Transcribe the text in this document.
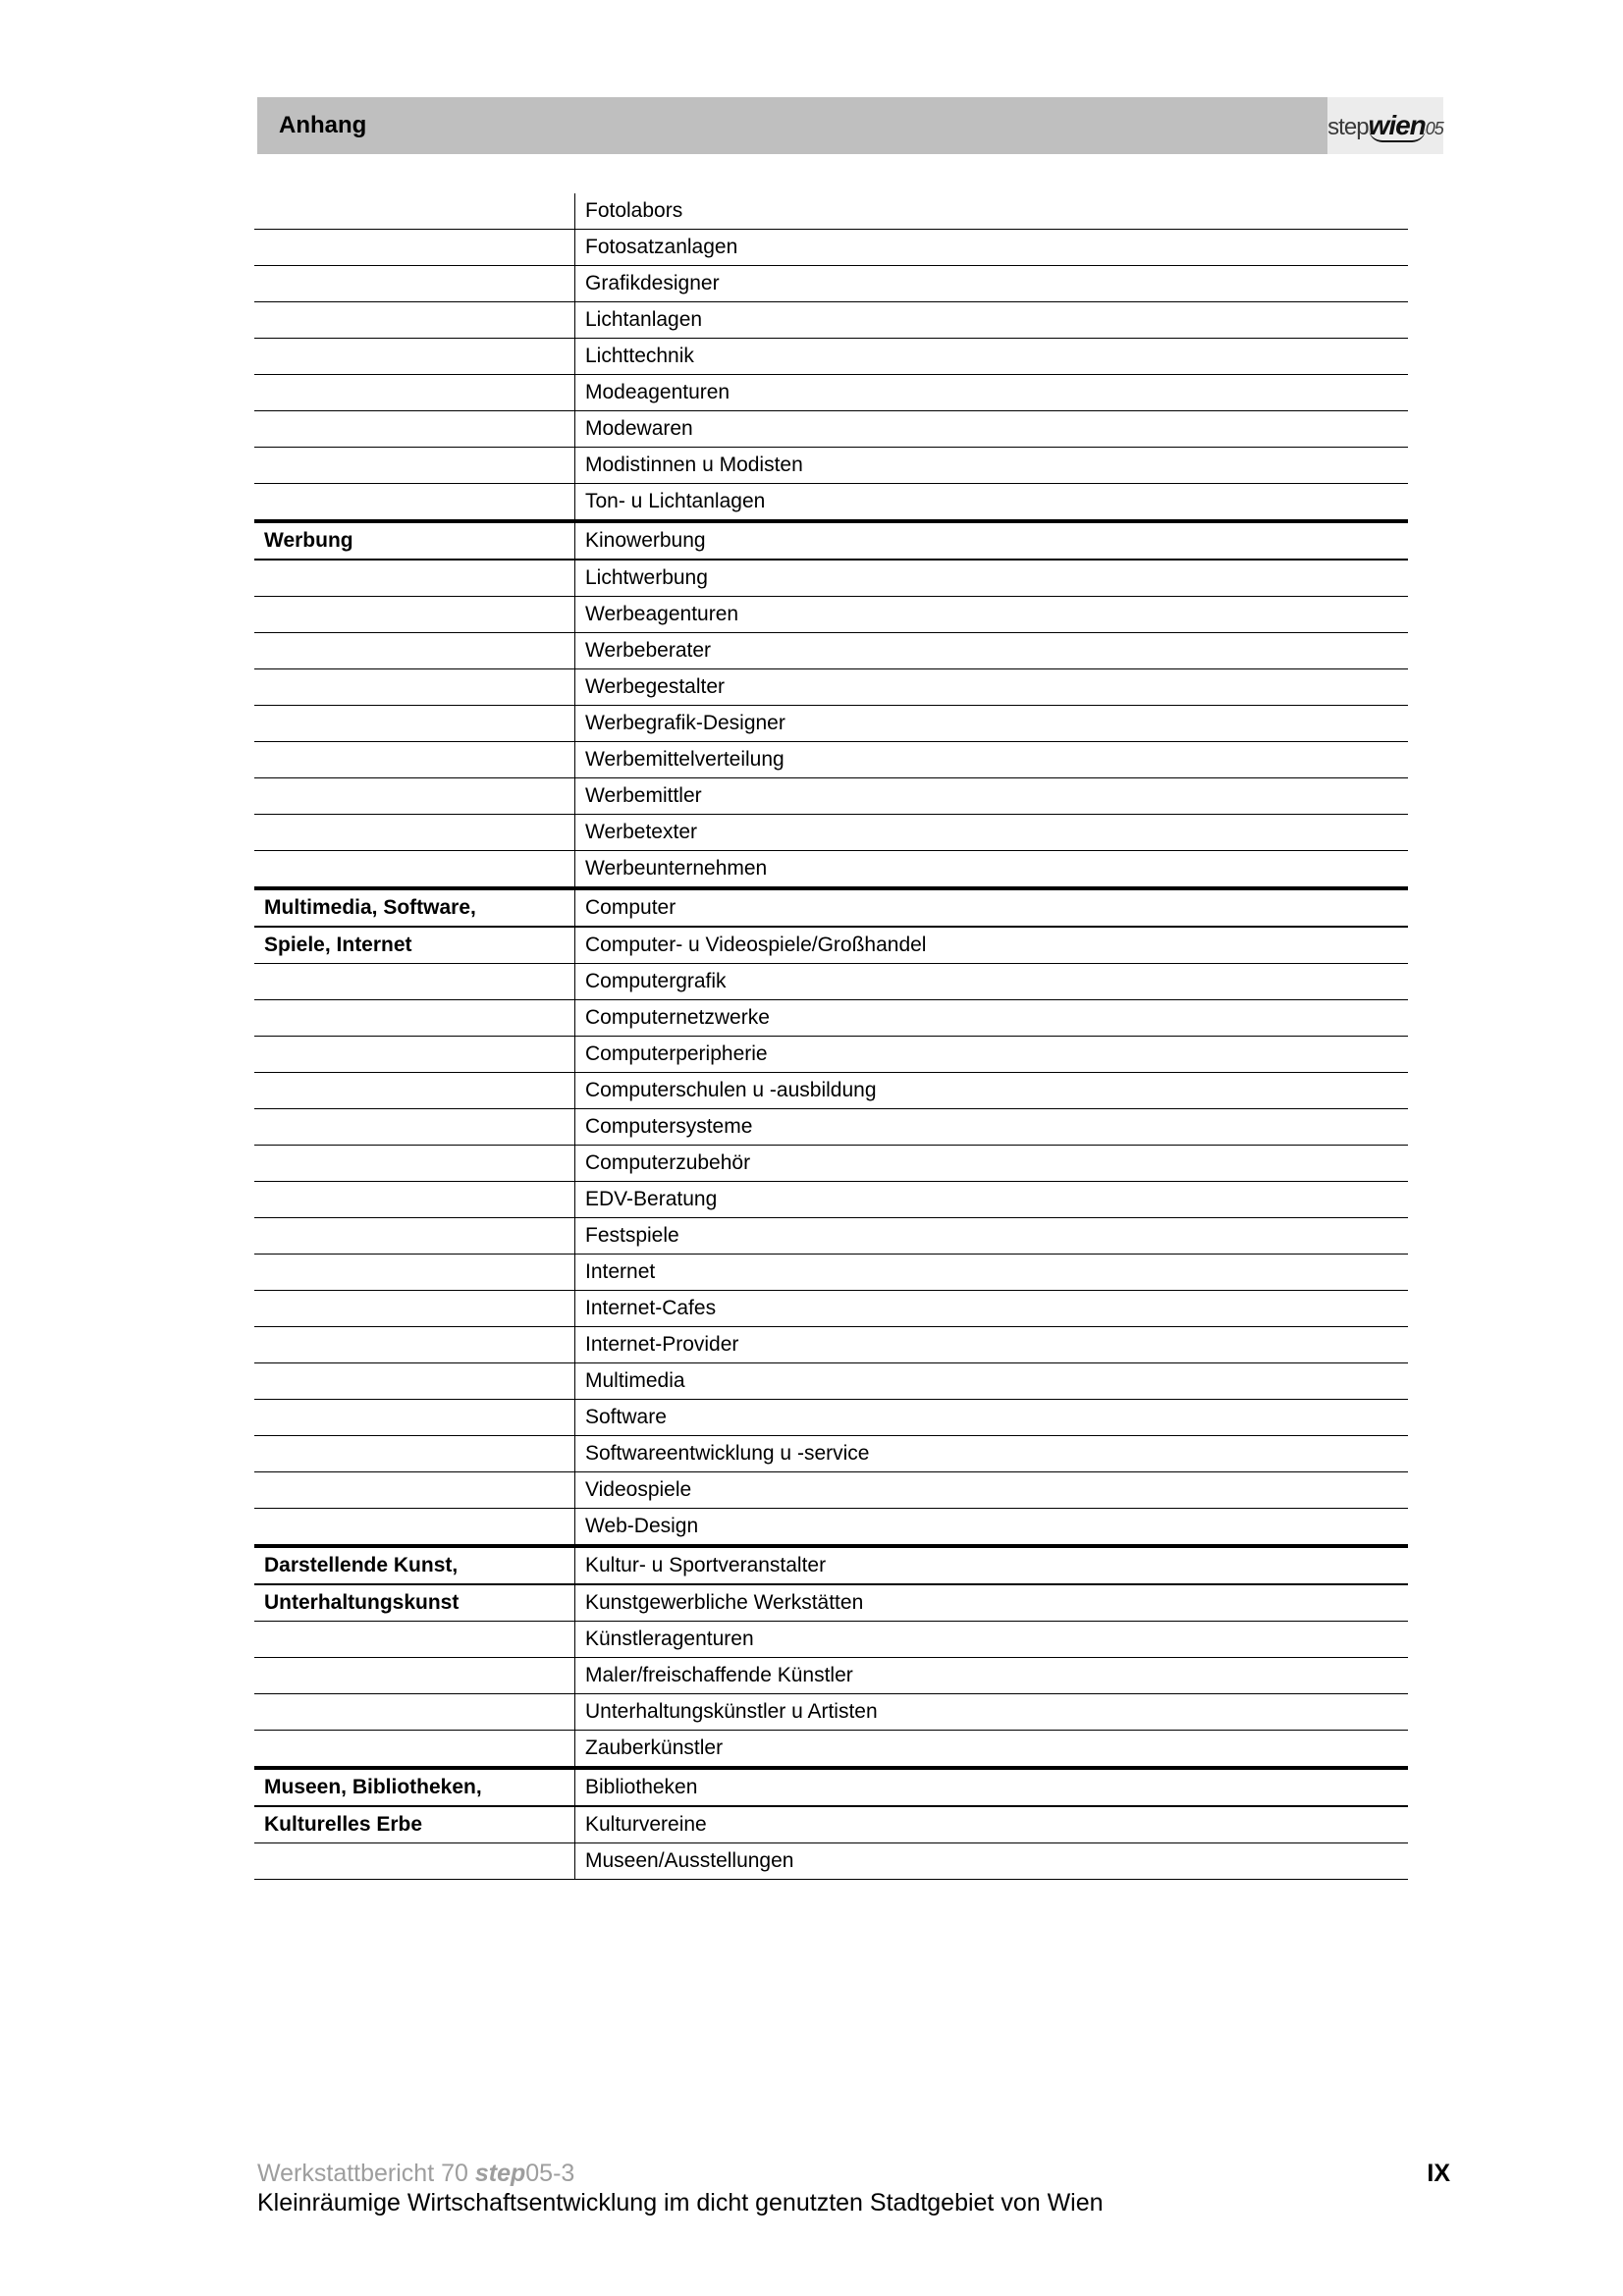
Anhang	stepwien05
	Fotolabors
	Fotosatzanlagen
	Grafikdesigner
	Lichtanlagen
	Lichttechnik
	Modeagenturen
	Modewaren
	Modistinnen u Modisten
	Ton- u Lichtanlagen
Werbung	Kinowerbung
	Lichtwerbung
	Werbeagenturen
	Werbeberater
	Werbegestalter
	Werbegrafik-Designer
	Werbemittelverteilung
	Werbemittler
	Werbetexter
	Werbeunternehmen
Multimedia, Software,	Computer
Spiele, Internet	Computer- u Videospiele/Großhandel
	Computergrafik
	Computernetzwerke
	Computerperipherie
	Computerschulen u -ausbildung
	Computersysteme
	Computerzubehör
	EDV-Beratung
	Festspiele
	Internet
	Internet-Cafes
	Internet-Provider
	Multimedia
	Software
	Softwareentwicklung u -service
	Videospiele
	Web-Design
Darstellende Kunst,	Kultur- u Sportveranstalter
Unterhaltungskunst	Kunstgewerbliche Werkstätten
	Künstleragenturen
	Maler/freischaffende Künstler
	Unterhaltungskünstler u Artisten
	Zauberkünstler
Museen, Bibliotheken,	Bibliotheken
Kulturelles Erbe	Kulturvereine
	Museen/Ausstellungen
Werkstattbericht 70 step05-3
Kleinräumige Wirtschaftsentwicklung im dicht genutzten Stadtgebiet von Wien
IX
